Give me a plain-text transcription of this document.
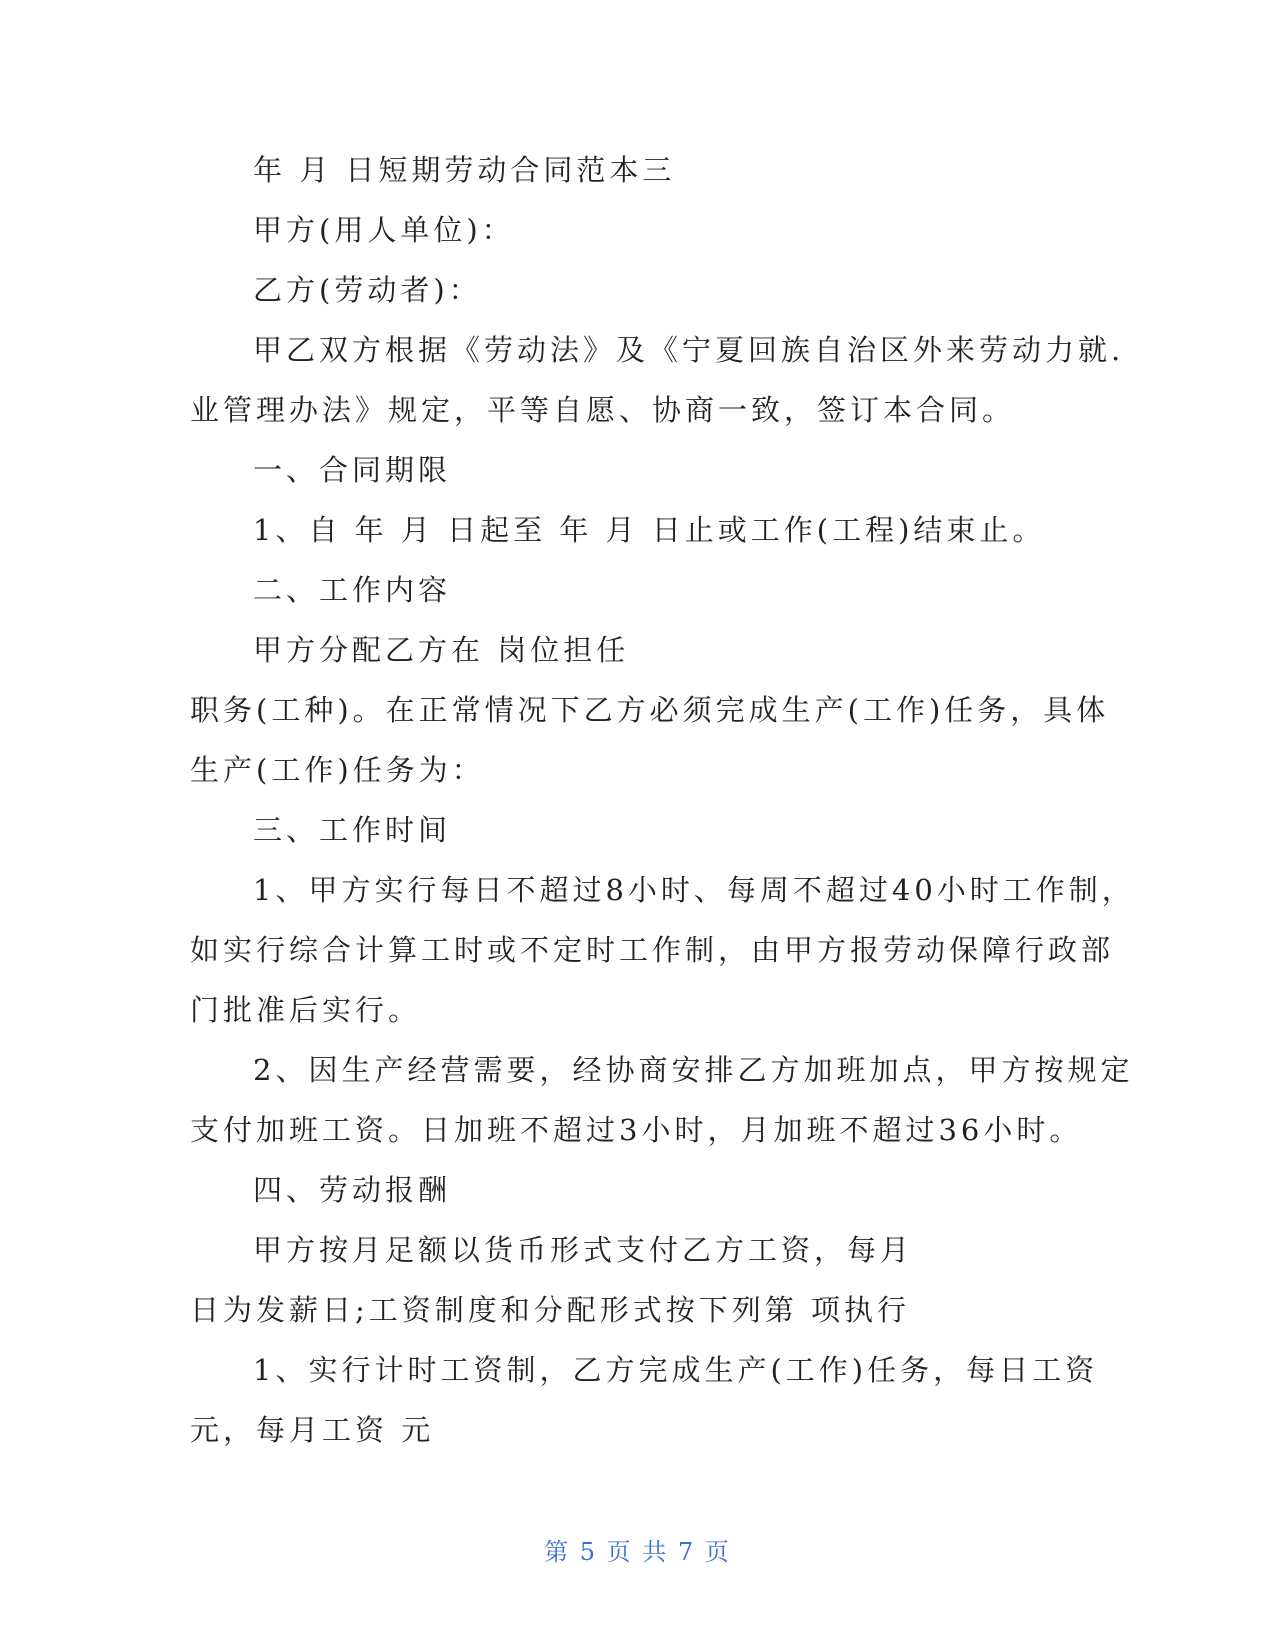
年 月 日短期劳动合同范本三
甲方(用人单位)：
乙方(劳动者)：
甲乙双方根据《劳动法》及《宁夏回族自治区外来劳动力就.
业管理办法》规定，平等自愿、协商一致，签订本合同。
一、合同期限
1、自 年 月 日起至 年 月 日止或工作(工程)结束止。
二、工作内容
甲方分配乙方在 岗位担任
职务(工种)。在正常情况下乙方必须完成生产(工作)任务，具体
生产(工作)任务为：
三、工作时间
1、甲方实行每日不超过8小时、每周不超过40小时工作制，
如实行综合计算工时或不定时工作制，由甲方报劳动保障行政部
门批准后实行。
2、因生产经营需要，经协商安排乙方加班加点，甲方按规定
支付加班工资。日加班不超过3小时，月加班不超过36小时。
四、劳动报酬
甲方按月足额以货币形式支付乙方工资，每月
日为发薪日;工资制度和分配形式按下列第 项执行
1、实行计时工资制，乙方完成生产(工作)任务，每日工资
元，每月工资 元
第 5 页 共 7 页
